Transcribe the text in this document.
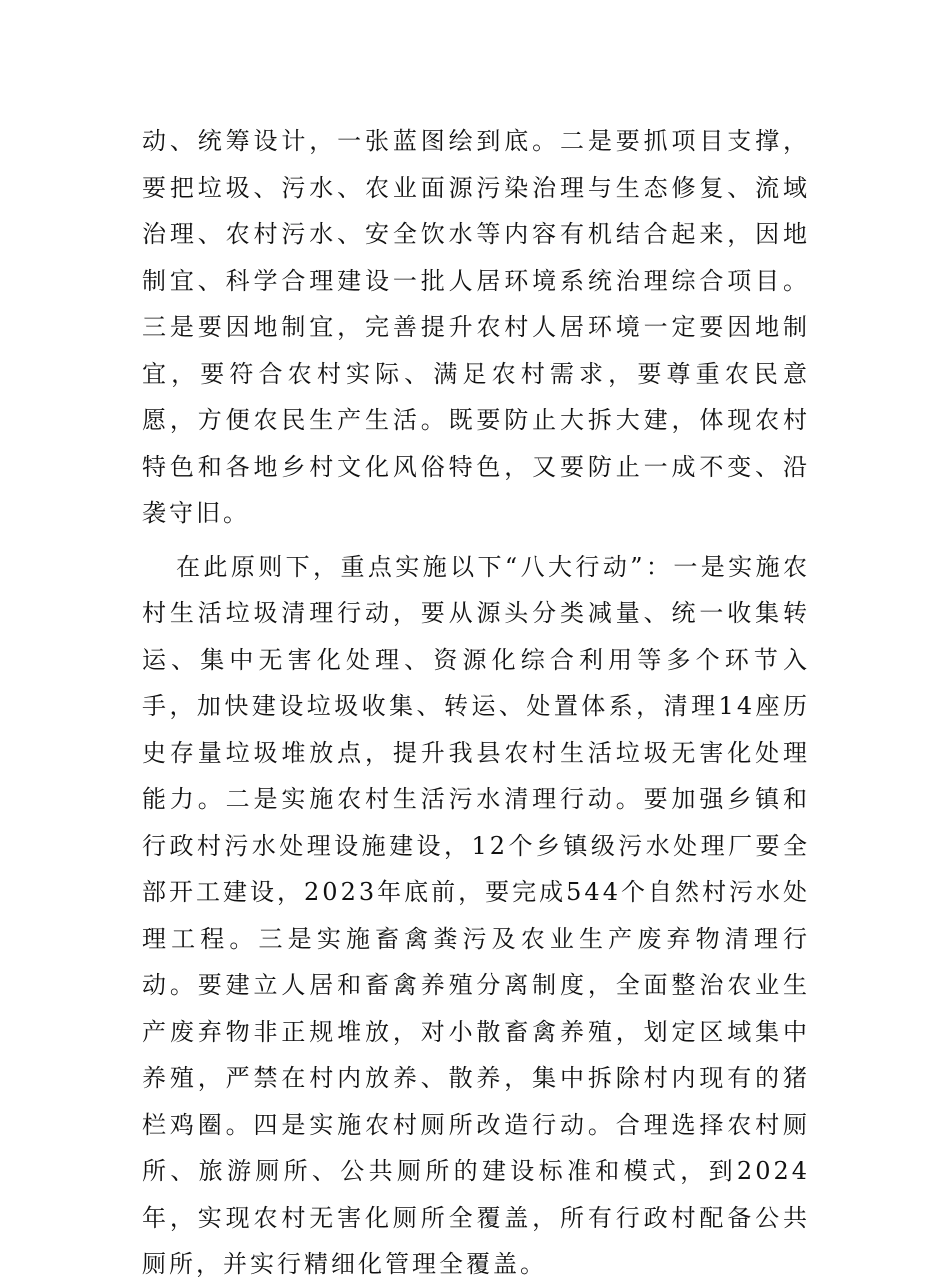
动、统筹设计，一张蓝图绘到底。二是要抓项目支撑，要把垃圾、污水、农业面源污染治理与生态修复、流域治理、农村污水、安全饮水等内容有机结合起来，因地制宜、科学合理建设一批人居环境系统治理综合项目。三是要因地制宜，完善提升农村人居环境一定要因地制宜，要符合农村实际、满足农村需求，要尊重农民意愿，方便农民生产生活。既要防止大拆大建，体现农村特色和各地乡村文化风俗特色，又要防止一成不变、沿袭守旧。

在此原则下，重点实施以下“八大行动”：一是实施农村生活垃圾清理行动，要从源头分类减量、统一收集转运、集中无害化处理、资源化综合利用等多个环节入手，加快建设垃圾收集、转运、处置体系，清理14座历史存量垃圾堆放点，提升我县农村生活垃圾无害化处理能力。二是实施农村生活污水清理行动。要加强乡镇和行政村污水处理设施建设，12个乡镇级污水处理厂要全部开工建设，2023年底前，要完成544个自然村污水处理工程。三是实施畜禽粪污及农业生产废弃物清理行动。要建立人居和畜禽养殖分离制度，全面整治农业生产废弃物非正规堆放，对小散畜禽养殖，划定区域集中养殖，严禁在村内放养、散养，集中拆除村内现有的猪栏鸡圈。四是实施农村厕所改造行动。合理选择农村厕所、旅游厕所、公共厕所的建设标准和模式，到2024年，实现农村无害化厕所全覆盖，所有行政村配备公共厕所，并实行精细化管理全覆盖。
